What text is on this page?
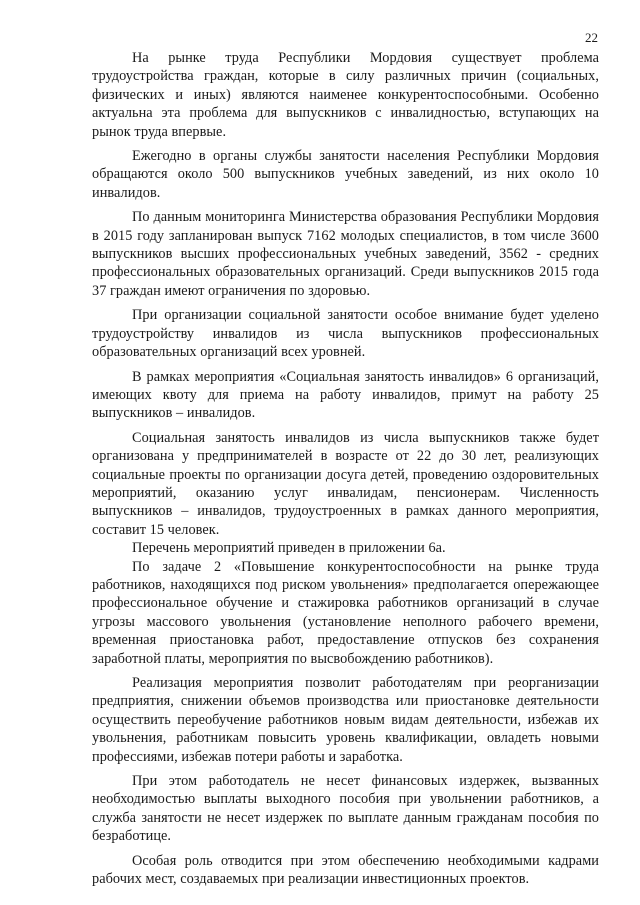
22

На рынке труда Республики Мордовия существует проблема трудоустройства граждан, которые в силу различных причин (социальных, физических и иных) являются наименее конкурентоспособными. Особенно актуальна эта проблема для выпускников с инвалидностью, вступающих на рынок труда впервые.

Ежегодно в органы службы занятости населения Республики Мордовия обращаются около 500 выпускников учебных заведений, из них около 10 инвалидов.

По данным мониторинга Министерства образования Республики Мордовия в 2015 году запланирован выпуск 7162 молодых специалистов, в том числе 3600 выпускников высших профессиональных учебных заведений, 3562 - средних профессиональных образовательных организаций. Среди выпускников 2015 года 37 граждан имеют ограничения по здоровью.

При организации социальной занятости особое внимание будет уделено трудоустройству инвалидов из числа выпускников профессиональных образовательных организаций всех уровней.

В рамках мероприятия «Социальная занятость инвалидов» 6 организаций, имеющих квоту для приема на работу инвалидов, примут на работу 25 выпускников – инвалидов.

Социальная занятость инвалидов из числа выпускников также будет организована у предпринимателей в возрасте от 22 до 30 лет, реализующих социальные проекты по организации досуга детей, проведению оздоровительных мероприятий, оказанию услуг инвалидам, пенсионерам. Численность выпускников – инвалидов, трудоустроенных в рамках данного мероприятия, составит 15 человек.

Перечень мероприятий приведен в приложении 6а.

По задаче 2 «Повышение конкурентоспособности на рынке труда работников, находящихся под риском увольнения» предполагается опережающее профессиональное обучение и стажировка работников организаций в случае угрозы массового увольнения (установление неполного рабочего времени, временная приостановка работ, предоставление отпусков без сохранения заработной платы, мероприятия по высвобождению работников).

Реализация мероприятия позволит работодателям при реорганизации предприятия, снижении объемов производства или приостановке деятельности осуществить переобучение работников новым видам деятельности, избежав их увольнения, работникам повысить уровень квалификации, овладеть новыми профессиями, избежав потери работы и заработка.

При этом работодатель не несет финансовых издержек, вызванных необходимостью выплаты выходного пособия при увольнении работников, а служба занятости не несет издержек по выплате данным гражданам пособия по безработице.

Особая роль отводится при этом обеспечению необходимыми кадрами рабочих мест, создаваемых при реализации инвестиционных проектов.
